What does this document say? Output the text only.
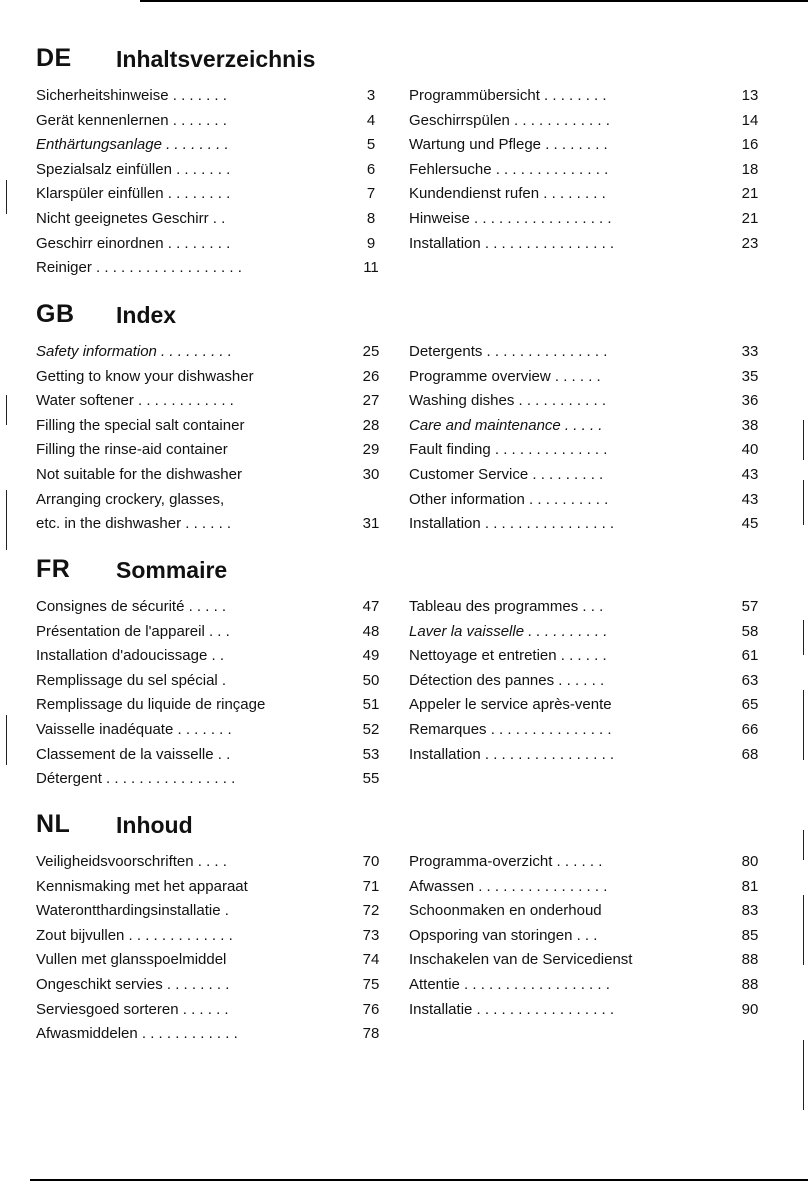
DE Inhaltsverzeichnis
Sicherheitshinweise . . . . . . .	3
Gerät kennenlernen . . . . . . .	4
Enthärtungsanlage . . . . . . . .	5
Spezialsalz einfüllen . . . . . . .	6
Klarspüler einfüllen . . . . . . . .	7
Nicht geeignetes Geschirr . .	8
Geschirr einordnen . . . . . . . .	9
Reiniger . . . . . . . . . . . . . . . . . .	11
Programmübersicht . . . . . . . .	13
Geschirrspülen . . . . . . . . . . . .	14
Wartung und Pflege . . . . . . . .	16
Fehlersuche . . . . . . . . . . . . . .	18
Kundendienst rufen . . . . . . . .	21
Hinweise . . . . . . . . . . . . . . . . .	21
Installation . . . . . . . . . . . . . . . .	23
GB Index
Safety information . . . . . . . . .	25
Getting to know your dishwasher	26
Water softener . . . . . . . . . . . .	27
Filling the special salt container	28
Filling the rinse-aid container	29
Not suitable for the dishwasher	30
Arranging crockery, glasses,
etc. in the dishwasher . . . . . .	31
Detergents . . . . . . . . . . . . . . .	33
Programme overview . . . . . .	35
Washing dishes . . . . . . . . . . .	36
Care and maintenance . . . . .	38
Fault finding . . . . . . . . . . . . . .	40
Customer Service . . . . . . . . .	43
Other information . . . . . . . . . .	43
Installation . . . . . . . . . . . . . . . .	45
FR Sommaire
Consignes de sécurité . . . . .	47
Présentation de l'appareil . . .	48
Installation d'adoucissage . .	49
Remplissage du sel spécial .	50
Remplissage du liquide de rinçage	51
Vaisselle inadéquate . . . . . . .	52
Classement de la vaisselle . .	53
Détergent . . . . . . . . . . . . . . . .	55
Tableau des programmes . . .	57
Laver la vaisselle . . . . . . . . . .	58
Nettoyage et entretien . . . . . .	61
Détection des pannes . . . . . .	63
Appeler le service après-vente	65
Remarques . . . . . . . . . . . . . . .	66
Installation . . . . . . . . . . . . . . . .	68
NL Inhoud
Veiligheidsvoorschriften . . . .	70
Kennismaking met het apparaat	71
Waterontthardingsinstallatie .	72
Zout bijvullen . . . . . . . . . . . . .	73
Vullen met glansspoelmiddel	74
Ongeschikt servies . . . . . . . .	75
Serviesgoed sorteren . . . . . .	76
Afwasmiddelen . . . . . . . . . . . .	78
Programma-overzicht . . . . . .	80
Afwassen . . . . . . . . . . . . . . . .	81
Schoonmaken en onderhoud	83
Opsporing van storingen . . .	85
Inschakelen van de Servicedienst	88
Attentie . . . . . . . . . . . . . . . . . .	88
Installatie . . . . . . . . . . . . . . . . .	90
